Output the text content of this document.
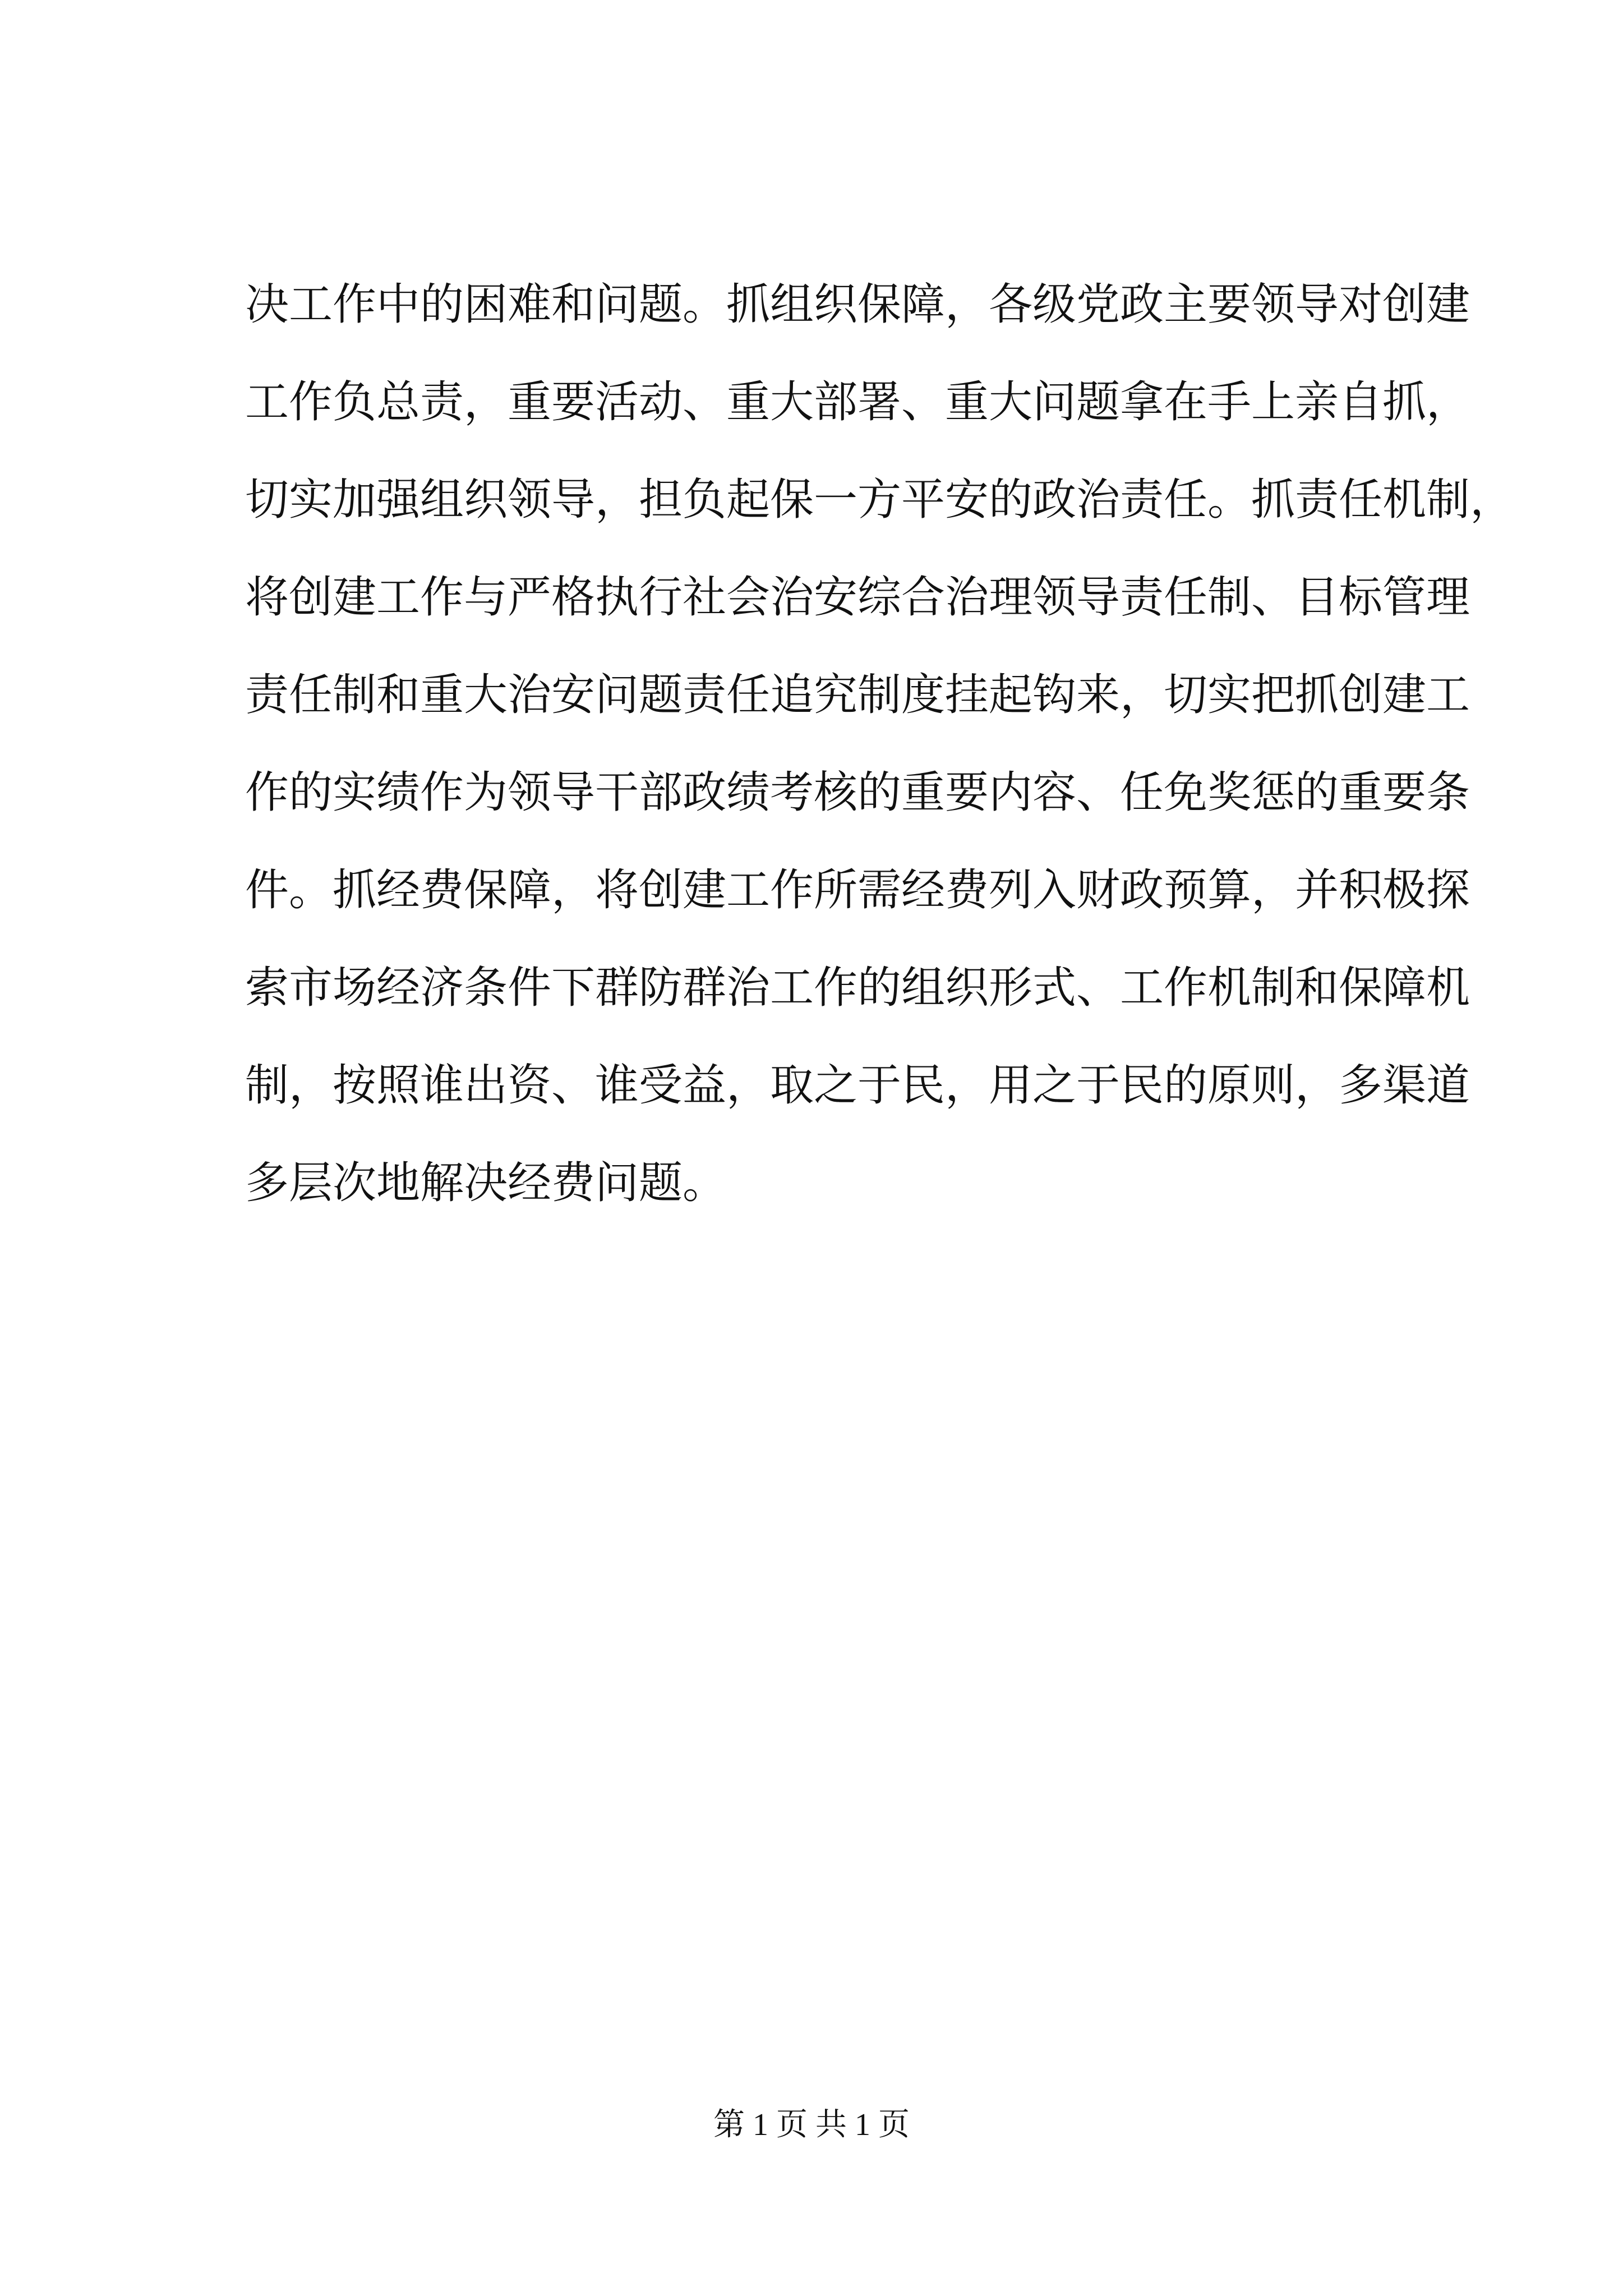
决工作中的困难和问题。抓组织保障，各级党政主要领导对创建
工作负总责，重要活动、重大部署、重大问题拿在手上亲自抓，
切实加强组织领导，担负起保一方平安的政治责任。抓责任机制，
将创建工作与严格执行社会治安综合治理领导责任制、目标管理
责任制和重大治安问题责任追究制度挂起钩来，切实把抓创建工
作的实绩作为领导干部政绩考核的重要内容、任免奖惩的重要条
件。抓经费保障，将创建工作所需经费列入财政预算，并积极探
索市场经济条件下群防群治工作的组织形式、工作机制和保障机
制，按照谁出资、谁受益，取之于民，用之于民的原则，多渠道
多层次地解决经费问题。
第 1 页 共 1 页
